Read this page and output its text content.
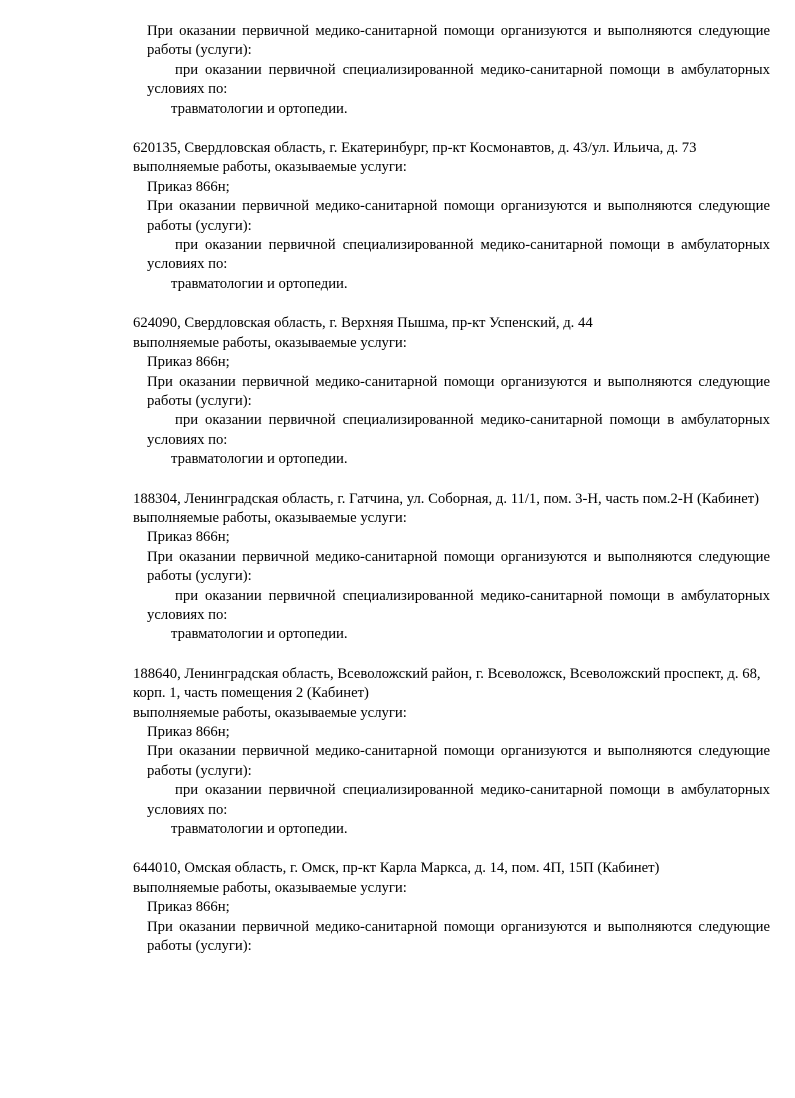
При оказании первичной медико-санитарной помощи организуются и выполняются следующие работы (услуги):

при оказании первичной специализированной медико-санитарной помощи в амбулаторных условиях по:

травматологии и ортопедии.

620135, Свердловская область, г. Екатеринбург, пр-кт Космонавтов, д. 43/ул. Ильича, д. 73

выполняемые работы, оказываемые услуги:

Приказ 866н;

При оказании первичной медико-санитарной помощи организуются и выполняются следующие работы (услуги):

при оказании первичной специализированной медико-санитарной помощи в амбулаторных условиях по:

травматологии и ортопедии.

624090, Свердловская область, г. Верхняя Пышма, пр-кт Успенский, д. 44

выполняемые работы, оказываемые услуги:

Приказ 866н;

При оказании первичной медико-санитарной помощи организуются и выполняются следующие работы (услуги):

при оказании первичной специализированной медико-санитарной помощи в амбулаторных условиях по:

травматологии и ортопедии.

188304, Ленинградская область, г. Гатчина, ул. Соборная, д. 11/1, пом. 3-Н, часть пом.2-Н (Кабинет)

выполняемые работы, оказываемые услуги:

Приказ 866н;

При оказании первичной медико-санитарной помощи организуются и выполняются следующие работы (услуги):

при оказании первичной специализированной медико-санитарной помощи в амбулаторных условиях по:

травматологии и ортопедии.

188640, Ленинградская область, Всеволожский район, г. Всеволожск, Всеволожский проспект, д. 68, корп. 1, часть помещения 2 (Кабинет)

выполняемые работы, оказываемые услуги:

Приказ 866н;

При оказании первичной медико-санитарной помощи организуются и выполняются следующие работы (услуги):

при оказании первичной специализированной медико-санитарной помощи в амбулаторных условиях по:

травматологии и ортопедии.

644010, Омская область, г. Омск, пр-кт Карла Маркса, д. 14, пом. 4П, 15П (Кабинет)

выполняемые работы, оказываемые услуги:

Приказ 866н;

При оказании первичной медико-санитарной помощи организуются и выполняются следующие работы (услуги):
